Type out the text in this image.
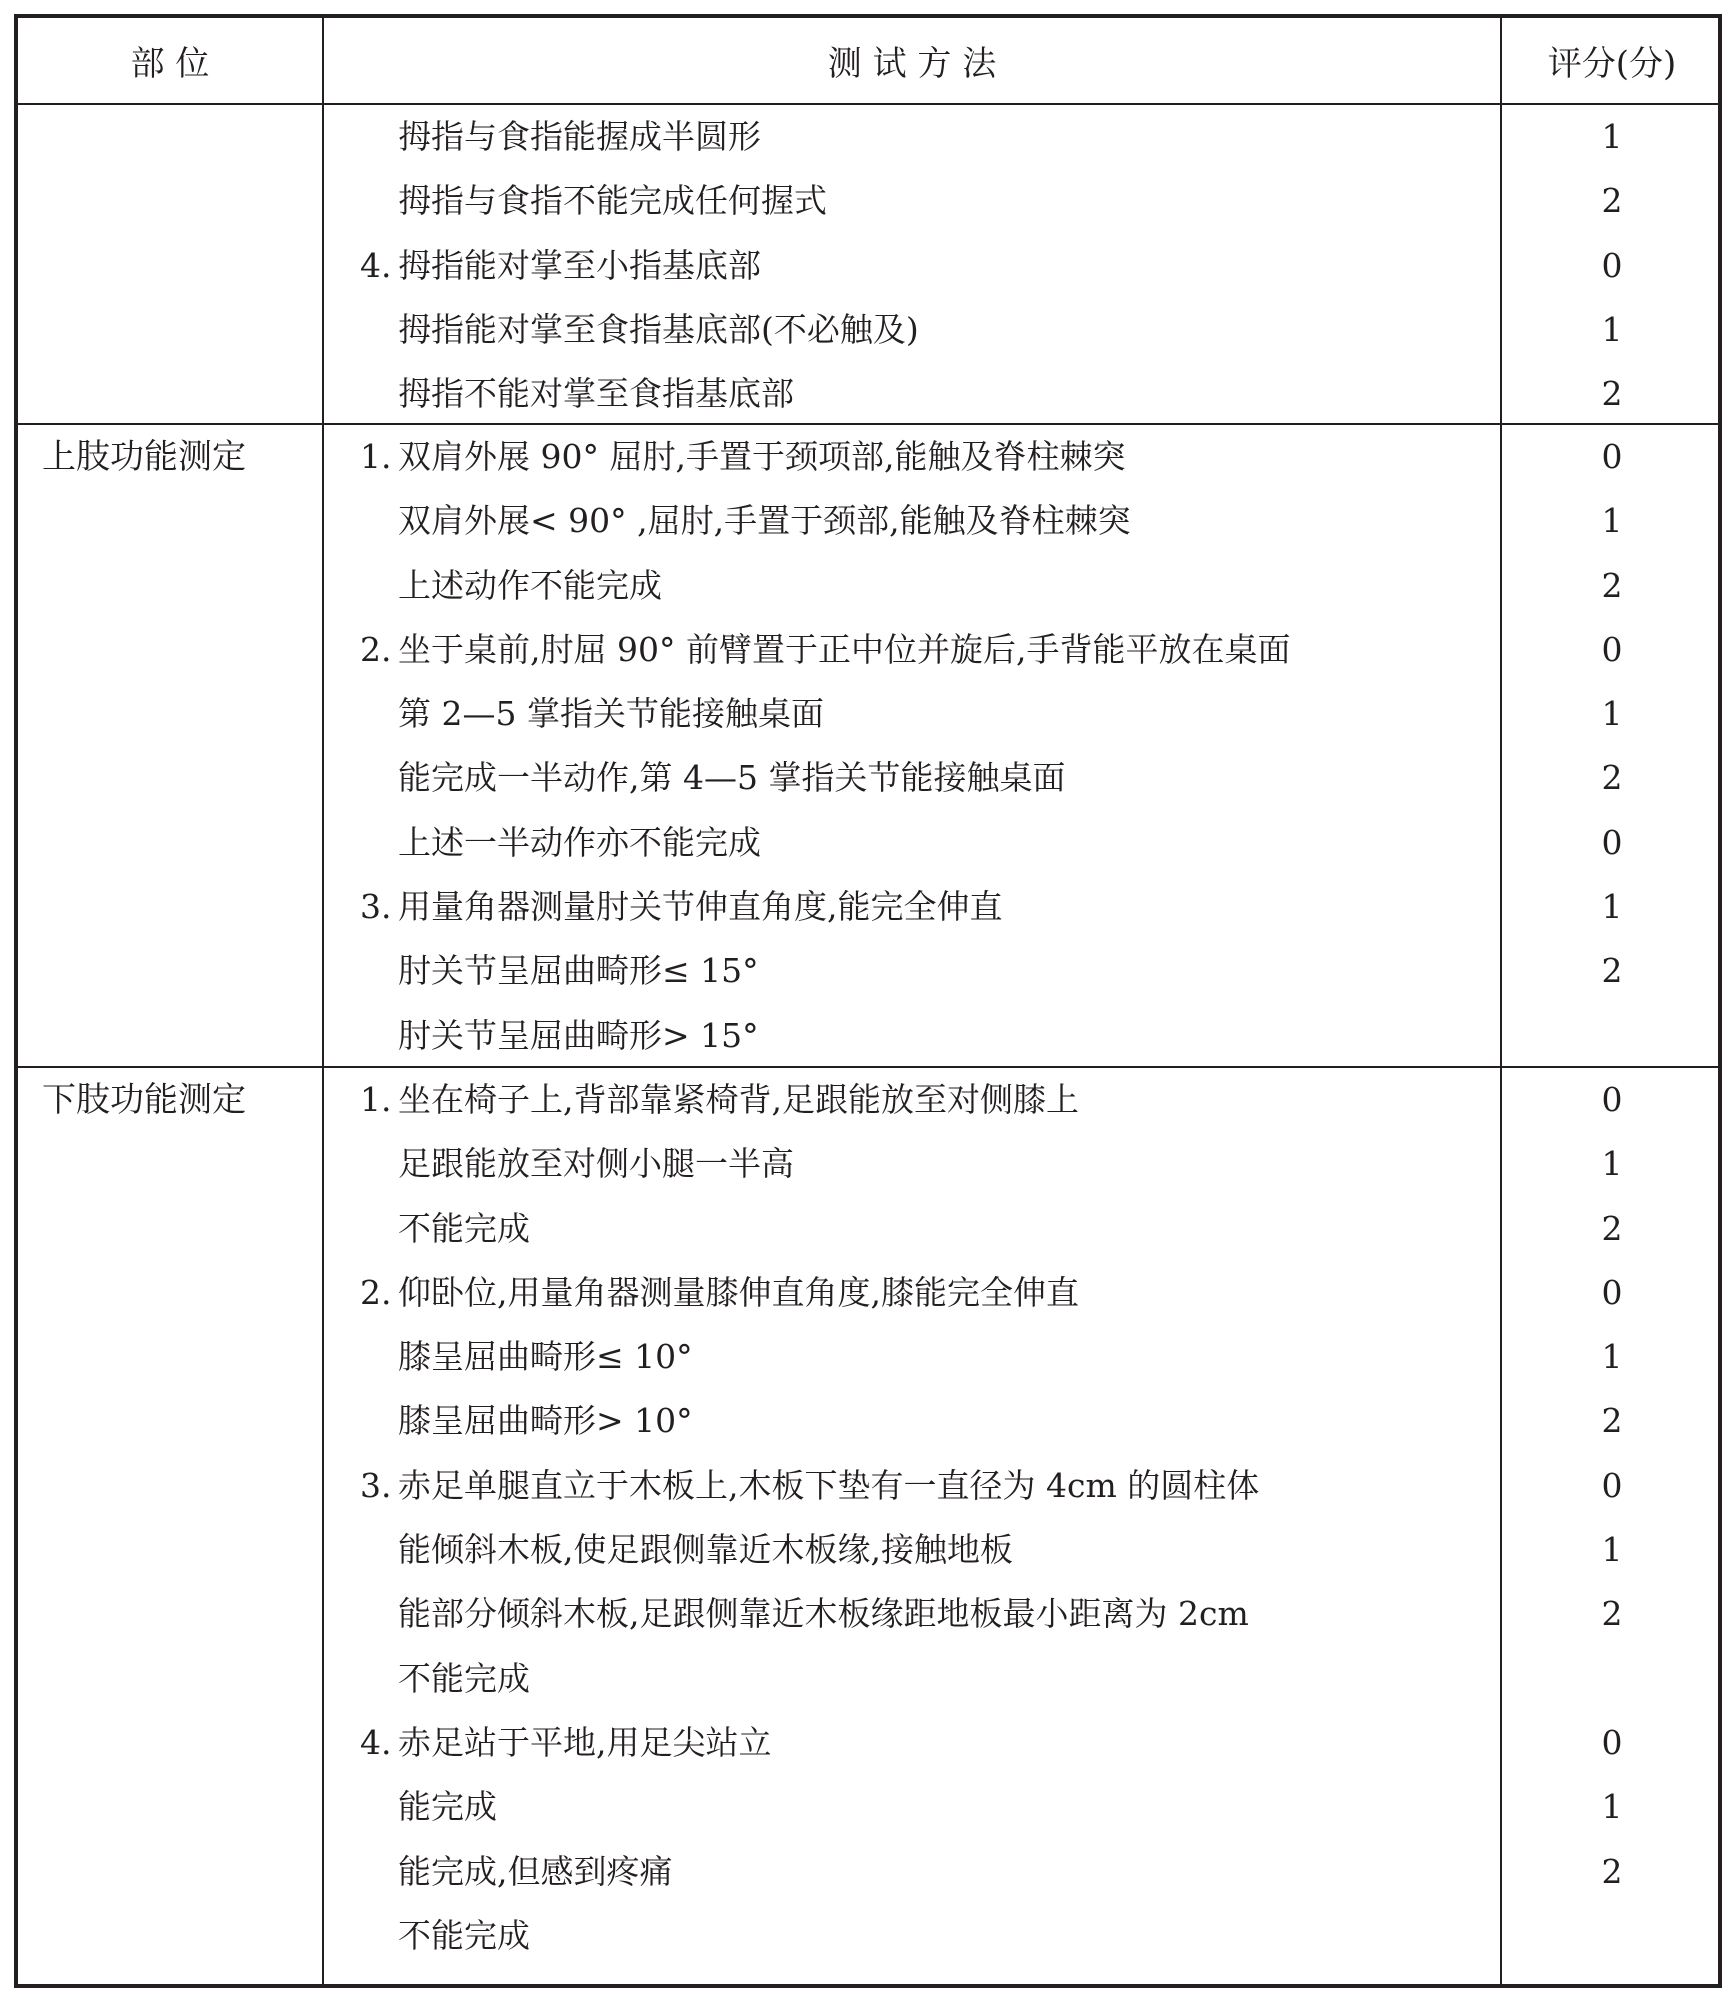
部 位	测 试 方 法	评分(分)
拇指与食指能握成半圆形	1
拇指与食指不能完成任何握式	2
4. 拇指能对掌至小指基底部	0
拇指能对掌至食指基底部(不必触及)	1
拇指不能对掌至食指基底部	2
上肢功能测定	1. 双肩外展 90° 屈肘,手置于颈项部,能触及脊柱棘突	0
双肩外展< 90° ,屈肘,手置于颈部,能触及脊柱棘突	1
上述动作不能完成	2
2. 坐于桌前,肘屈 90° 前臂置于正中位并旋后,手背能平放在桌面	0
第 2—5 掌指关节能接触桌面	1
能完成一半动作,第 4—5 掌指关节能接触桌面	2
上述一半动作亦不能完成	0
3. 用量角器测量肘关节伸直角度,能完全伸直	1
肘关节呈屈曲畸形≤ 15°	2
肘关节呈屈曲畸形> 15°
下肢功能测定	1. 坐在椅子上,背部靠紧椅背,足跟能放至对侧膝上	0
足跟能放至对侧小腿一半高	1
不能完成	2
2. 仰卧位,用量角器测量膝伸直角度,膝能完全伸直	0
膝呈屈曲畸形≤ 10°	1
膝呈屈曲畸形> 10°	2
3. 赤足单腿直立于木板上,木板下垫有一直径为 4cm 的圆柱体	0
能倾斜木板,使足跟侧靠近木板缘,接触地板	1
能部分倾斜木板,足跟侧靠近木板缘距地板最小距离为 2cm	2
不能完成
4. 赤足站于平地,用足尖站立	0
能完成	1
能完成,但感到疼痛	2
不能完成
